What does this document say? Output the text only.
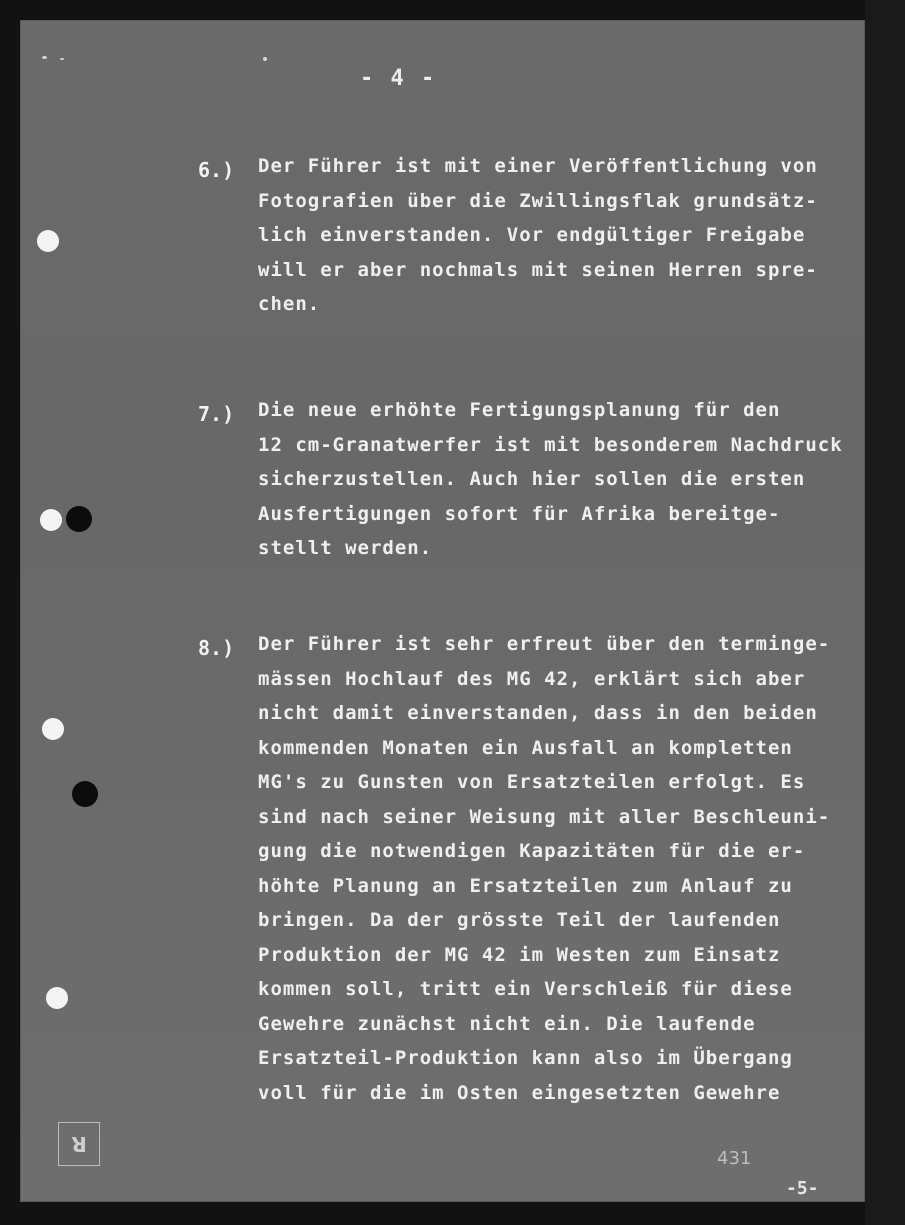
- 4 -
6.) Der Führer ist mit einer Veröffentlichung von
Fotografien über die Zwillingsflak grundsätz-
lich einverstanden. Vor endgültiger Freigabe
will er aber nochmals mit seinen Herren spre-
chen.
7.) Die neue erhöhte Fertigungsplanung für den
12 cm-Granatwerfer ist mit besonderem Nachdruck
sicherzustellen. Auch hier sollen die ersten
Ausfertigungen sofort für Afrika bereitge-
stellt werden.
8.) Der Führer ist sehr erfreut über den terminge-
mässen Hochlauf des MG 42, erklärt sich aber
nicht damit einverstanden, dass in den beiden
kommenden Monaten ein Ausfall an kompletten
MG's zu Gunsten von Ersatzteilen erfolgt. Es
sind nach seiner Weisung mit aller Beschleuni-
gung die notwendigen Kapazitäten für die er-
höhte Planung an Ersatzteilen zum Anlauf zu
bringen. Da der grösste Teil der laufenden
Produktion der MG 42 im Westen zum Einsatz
kommen soll, tritt ein Verschleiß für diese
Gewehre zunächst nicht ein. Die laufende
Ersatzteil-Produktion kann also im Übergang
voll für die im Osten eingesetzten Gewehre
R
431
-5-
